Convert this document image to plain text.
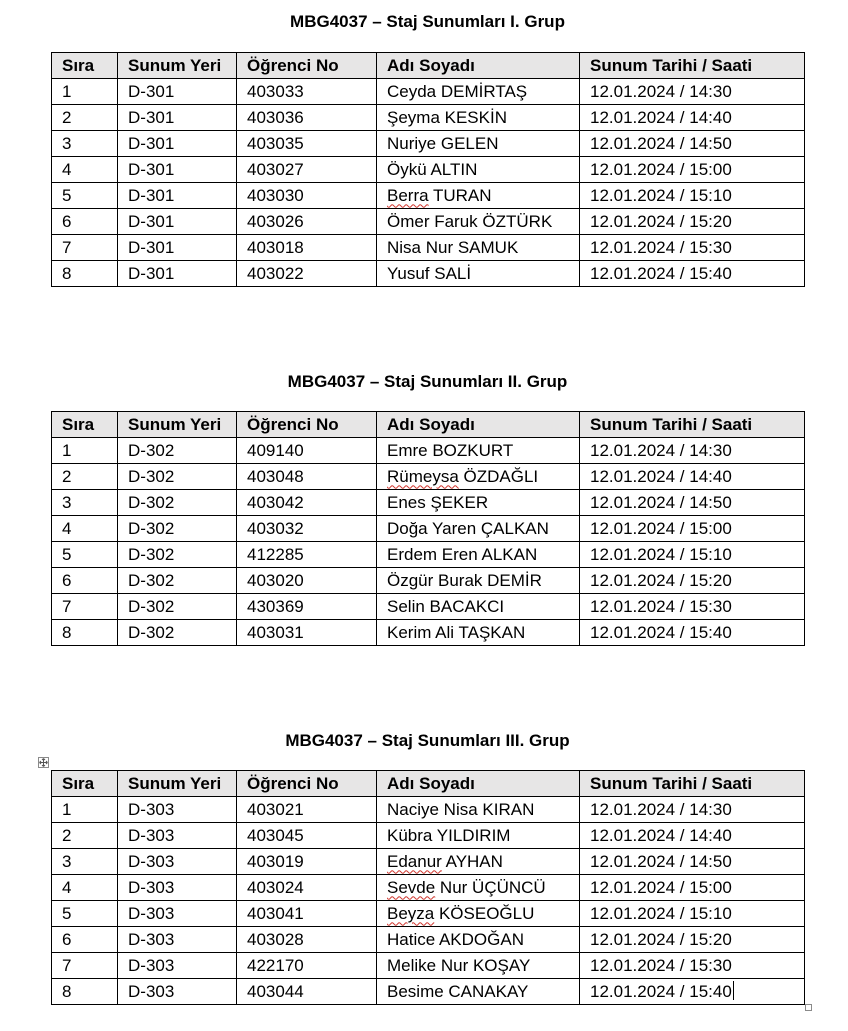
MBG4037 – Staj Sunumları I. Grup
Sıra	Sunum Yeri	Öğrenci No	Adı Soyadı	Sunum Tarihi / Saati
1	D-301	403033	Ceyda DEMİRTAŞ	12.01.2024 / 14:30
2	D-301	403036	Şeyma KESKİN	12.01.2024 / 14:40
3	D-301	403035	Nuriye GELEN	12.01.2024 / 14:50
4	D-301	403027	Öykü ALTIN	12.01.2024 / 15:00
5	D-301	403030	Berra TURAN	12.01.2024 / 15:10
6	D-301	403026	Ömer Faruk ÖZTÜRK	12.01.2024 / 15:20
7	D-301	403018	Nisa Nur SAMUK	12.01.2024 / 15:30
8	D-301	403022	Yusuf SALİ	12.01.2024 / 15:40
MBG4037 – Staj Sunumları II. Grup
Sıra	Sunum Yeri	Öğrenci No	Adı Soyadı	Sunum Tarihi / Saati
1	D-302	409140	Emre BOZKURT	12.01.2024 / 14:30
2	D-302	403048	Rümeysa ÖZDAĞLI	12.01.2024 / 14:40
3	D-302	403042	Enes ŞEKER	12.01.2024 / 14:50
4	D-302	403032	Doğa Yaren ÇALKAN	12.01.2024 / 15:00
5	D-302	412285	Erdem Eren ALKAN	12.01.2024 / 15:10
6	D-302	403020	Özgür Burak DEMİR	12.01.2024 / 15:20
7	D-302	430369	Selin BACAKCI	12.01.2024 / 15:30
8	D-302	403031	Kerim Ali TAŞKAN	12.01.2024 / 15:40
MBG4037 – Staj Sunumları III. Grup
Sıra	Sunum Yeri	Öğrenci No	Adı Soyadı	Sunum Tarihi / Saati
1	D-303	403021	Naciye Nisa KIRAN	12.01.2024 / 14:30
2	D-303	403045	Kübra YILDIRIM	12.01.2024 / 14:40
3	D-303	403019	Edanur AYHAN	12.01.2024 / 14:50
4	D-303	403024	Sevde Nur ÜÇÜNCÜ	12.01.2024 / 15:00
5	D-303	403041	Beyza KÖSEOĞLU	12.01.2024 / 15:10
6	D-303	403028	Hatice AKDOĞAN	12.01.2024 / 15:20
7	D-303	422170	Melike Nur KOŞAY	12.01.2024 / 15:30
8	D-303	403044	Besime CANAKAY	12.01.2024 / 15:40
